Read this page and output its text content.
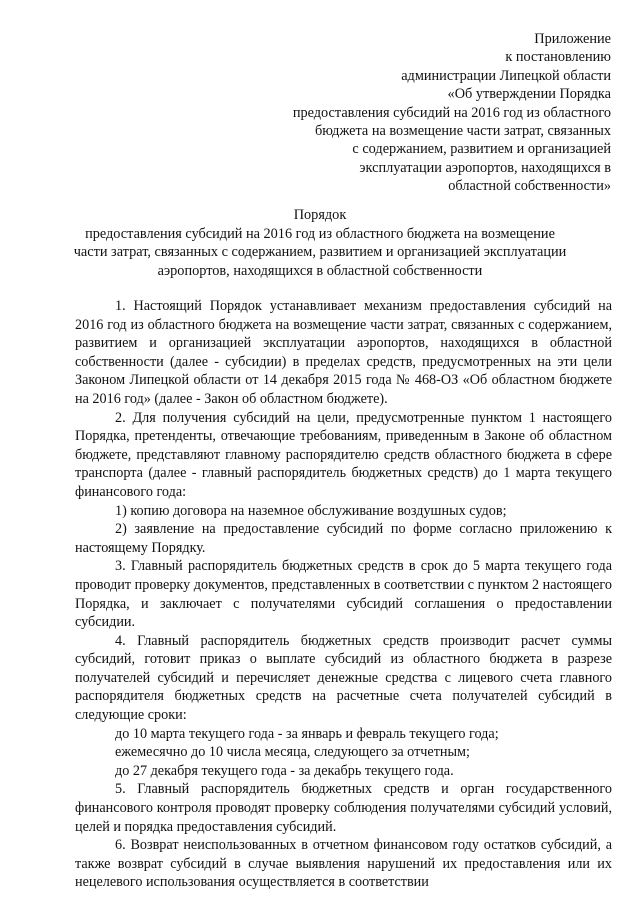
Приложение
к постановлению
администрации Липецкой области
«Об утверждении Порядка
предоставления субсидий на 2016 год из областного
бюджета на возмещение части затрат, связанных
с содержанием, развитием и организацией
эксплуатации аэропортов, находящихся в
областной собственности»
Порядок
предоставления субсидий на 2016 год из областного бюджета на возмещение
части затрат, связанных с содержанием, развитием и организацией эксплуатации
аэропортов, находящихся в областной собственности

1. Настоящий Порядок устанавливает механизм предоставления субсидий на 2016 год из областного бюджета на возмещение части затрат, связанных с содержанием, развитием и организацией эксплуатации аэропортов, находящихся в областной собственности (далее - субсидии) в пределах средств, предусмотренных на эти цели Законом Липецкой области от 14 декабря 2015 года № 468-ОЗ «Об областном бюджете на 2016 год» (далее - Закон об областном бюджете).

2. Для получения субсидий на цели, предусмотренные пунктом 1 настоящего Порядка, претенденты, отвечающие требованиям, приведенным в Законе об областном бюджете, представляют главному распорядителю средств областного бюджета в сфере транспорта (далее - главный распорядитель бюджетных средств) до 1 марта текущего финансового года:

1) копию договора на наземное обслуживание воздушных судов;

2) заявление на предоставление субсидий по форме согласно приложению к настоящему Порядку.

3. Главный распорядитель бюджетных средств в срок до 5 марта текущего года проводит проверку документов, представленных в соответствии с пунктом 2 настоящего Порядка, и заключает с получателями субсидий соглашения о предоставлении субсидии.

4. Главный распорядитель бюджетных средств производит расчет суммы субсидий, готовит приказ о выплате субсидий из областного бюджета в разрезе получателей субсидий и перечисляет денежные средства с лицевого счета главного распорядителя бюджетных средств на расчетные счета получателей субсидий в следующие сроки:

до 10 марта текущего года - за январь и февраль текущего года;

ежемесячно до 10 числа месяца, следующего за отчетным;

до 27 декабря текущего года - за декабрь текущего года.

5. Главный распорядитель бюджетных средств и орган государственного финансового контроля проводят проверку соблюдения получателями субсидий условий, целей и порядка предоставления субсидий.

6. Возврат неиспользованных в отчетном финансовом году остатков субсидий, а также возврат субсидий в случае выявления нарушений их предоставления или их нецелевого использования осуществляется в соответствии
